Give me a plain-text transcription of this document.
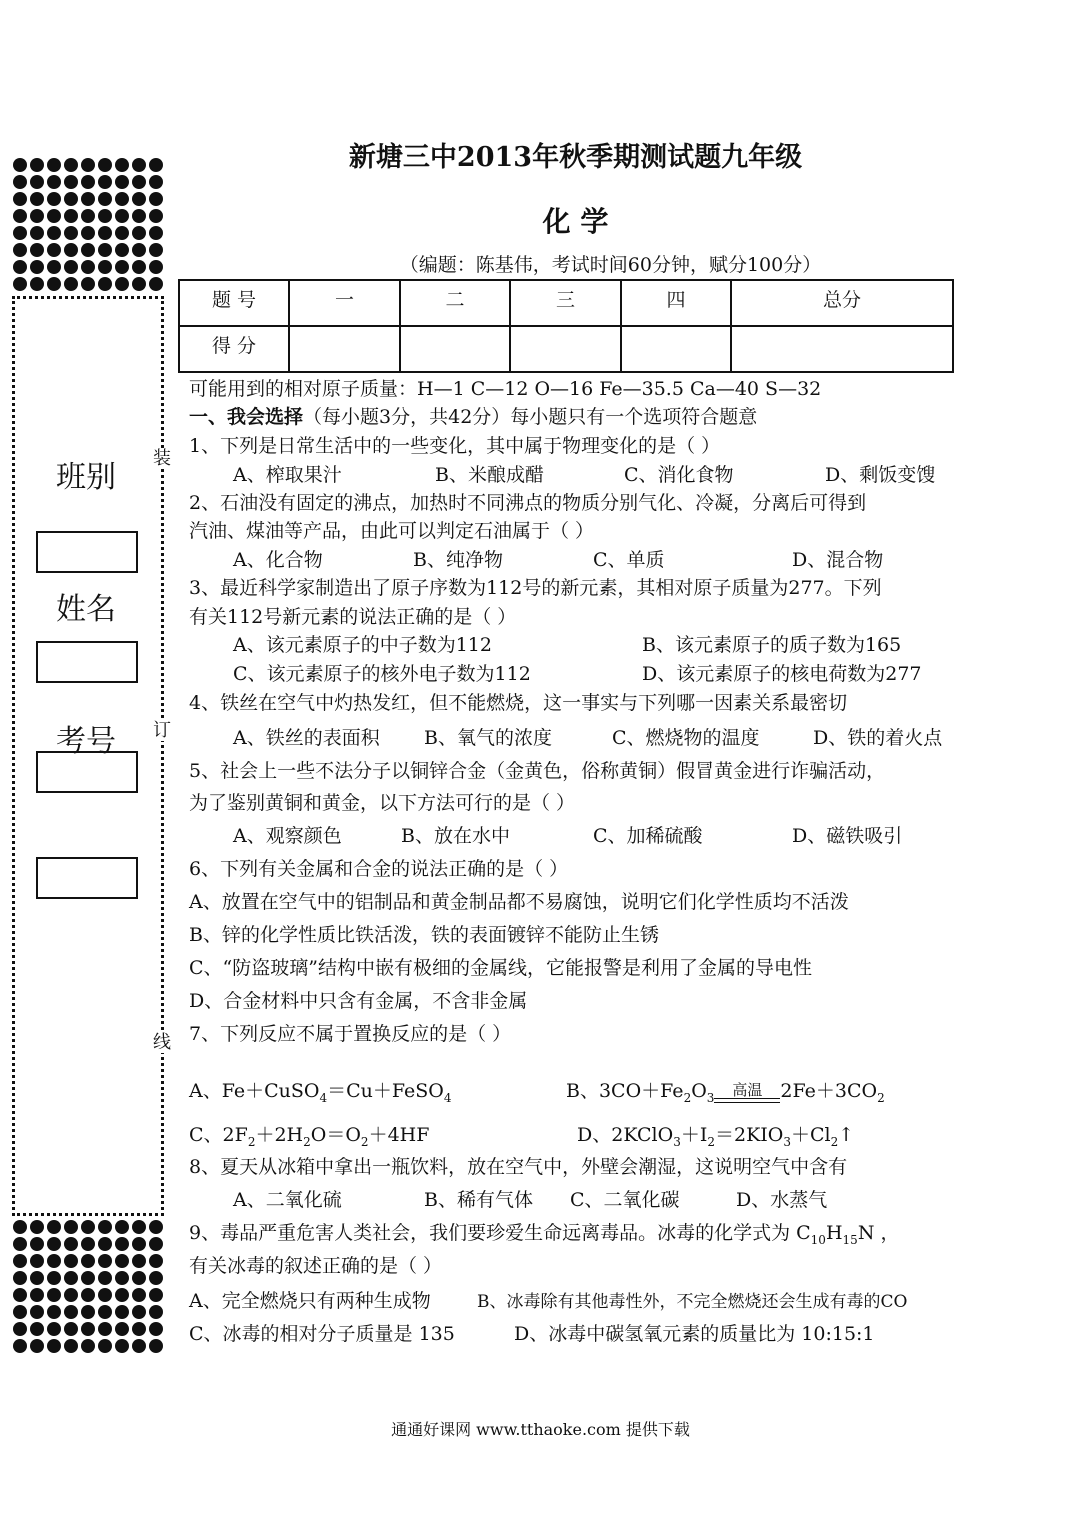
班别
姓名
考号
装
订
线
新塘三中2013年秋季期测试题九年级
化 学
（编题：陈基伟，考试时间60分钟，赋分100分）
题 号	一	二	三	四	总分
得 分					
可能用到的相对原子质量：H—1 C—12 O—16 Fe—35.5 Ca—40 S—32
一、我会选择（每小题3分，共42分）每小题只有一个选项符合题意
1、下列是日常生活中的一些变化，其中属于物理变化的是（ ）
A、榨取果汁	B、米酿成醋	C、消化食物	D、剩饭变馊
2、石油没有固定的沸点，加热时不同沸点的物质分别气化、冷凝，分离后可得到
汽油、煤油等产品，由此可以判定石油属于（ ）
A、化合物	B、纯净物	C、单质	D、混合物
3、最近科学家制造出了原子序数为112号的新元素，其相对原子质量为277。下列
有关112号新元素的说法正确的是（ ）
A、该元素原子的中子数为112	B、该元素原子的质子数为165
C、该元素原子的核外电子数为112	D、该元素原子的核电荷数为277
4、铁丝在空气中灼热发红，但不能燃烧，这一事实与下列哪一因素关系最密切
A、铁丝的表面积 B、氧气的浓度	C、燃烧物的温度	D、铁的着火点
5、社会上一些不法分子以铜锌合金（金黄色，俗称黄铜）假冒黄金进行诈骗活动，
为了鉴别黄铜和黄金，以下方法可行的是（ ）
A、观察颜色	B、放在水中	C、加稀硫酸	D、磁铁吸引
6、下列有关金属和合金的说法正确的是（ ）
A、放置在空气中的铝制品和黄金制品都不易腐蚀，说明它们化学性质均不活泼
B、锌的化学性质比铁活泼，铁的表面镀锌不能防止生锈
C、“防盗玻璃”结构中嵌有极细的金属线，它能报警是利用了金属的导电性
D、合金材料中只含有金属，不含非金属
7、下列反应不属于置换反应的是（ ）
A、Fe＋CuSO$_4$＝Cu＋FeSO$_4$	B、$3CO+Fe_2O_3$	高温 $2Fe+3CO_2$
C、$2F_2+2H_2O=O_2+4HF$	D、$2KClO_3+I_2=2KIO_3+Cl_2↑$
8、夏天从冰箱中拿出一瓶饮料，放在空气中，外壁会潮湿，这说明空气中含有
A、二氧化硫	B、稀有气体 C、二氧化碳	D、水蒸气
9、毒品严重危害人类社会，我们要珍爱生命远离毒品。冰毒的化学式为 $C_{10}H_{15}N$ ，
有关冰毒的叙述正确的是（ ）
A、完全燃烧只有两种生成物	B、冰毒除有其他毒性外，不完全燃烧还会生成有毒的CO
C、冰毒的相对分子质量是 135	D、冰毒中碳氢氧元素的质量比为 10:15:1
通通好课网 www.tthaoke.com 提供下载
